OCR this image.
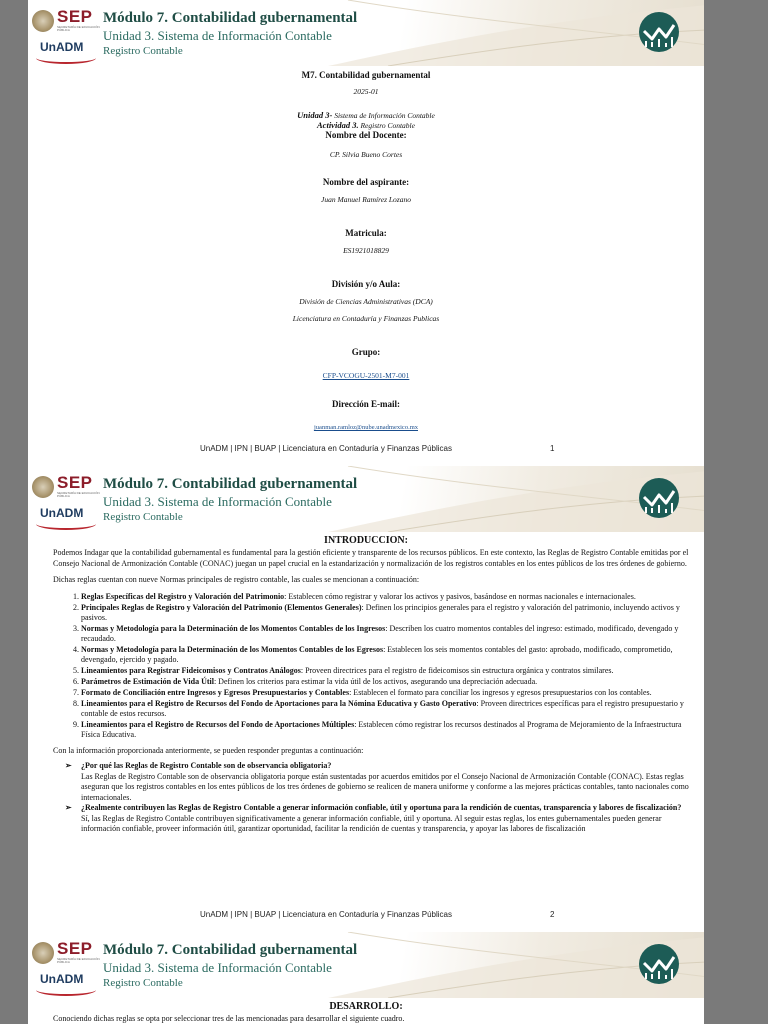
SEP
SECRETARÍA DE EDUCACIÓN PÚBLICA
UnADM
Módulo 7. Contabilidad gubernamental
Unidad 3. Sistema de Información Contable
Registro Contable
M7. Contabilidad gubernamental
2025-01
Unidad 3- Sistema de Información Contable
Actividad 3. Registro Contable
Nombre del Docente:
CP. Silvia Bueno Cortes
Nombre del aspirante:
Juan Manuel Ramírez Lozano
Matricula:
ES1921018829
División y/o Aula:
División de Ciencias Administrativas (DCA)
Licenciatura en Contaduría y Finanzas Publicas
Grupo:
CFP-VCOGU-2501-M7-001
Dirección E-mail:
juanman.ramloz@nube.unadmexico.mx
UnADM | IPN | BUAP | Licenciatura en Contaduría y Finanzas Públicas	1
SEP
SECRETARÍA DE EDUCACIÓN PÚBLICA
UnADM
Módulo 7. Contabilidad gubernamental
Unidad 3. Sistema de Información Contable
Registro Contable
INTRODUCCION:

Podemos Indagar que la contabilidad gubernamental es fundamental para la gestión eficiente y transparente de los recursos públicos. En este contexto, las Reglas de Registro Contable emitidas por el Consejo Nacional de Armonización Contable (CONAC) juegan un papel crucial en la estandarización y normalización de los registros contables en los entes públicos de los tres órdenes de gobierno.

Dichas reglas cuentan con nueve Normas principales de registro contable, las cuales se mencionan a continuación:

1. Reglas Específicas del Registro y Valoración del Patrimonio: Establecen cómo registrar y valorar los activos y pasivos, basándose en normas nacionales e internacionales.
2. Principales Reglas de Registro y Valoración del Patrimonio (Elementos Generales): Definen los principios generales para el registro y valoración del patrimonio, incluyendo activos y pasivos.
3. Normas y Metodología para la Determinación de los Momentos Contables de los Ingresos: Describen los cuatro momentos contables del ingreso: estimado, modificado, devengado y recaudado.
4. Normas y Metodología para la Determinación de los Momentos Contables de los Egresos: Establecen los seis momentos contables del gasto: aprobado, modificado, comprometido, devengado, ejercido y pagado.
5. Lineamientos para Registrar Fideicomisos y Contratos Análogos: Proveen directrices para el registro de fideicomisos sin estructura orgánica y contratos similares.
6. Parámetros de Estimación de Vida Útil: Definen los criterios para estimar la vida útil de los activos, asegurando una depreciación adecuada.
7. Formato de Conciliación entre Ingresos y Egresos Presupuestarios y Contables: Establecen el formato para conciliar los ingresos y egresos presupuestarios con los contables.
8. Lineamientos para el Registro de Recursos del Fondo de Aportaciones para la Nómina Educativa y Gasto Operativo: Proveen directrices específicas para el registro presupuestario y contable de estos recursos.
9. Lineamientos para el Registro de Recursos del Fondo de Aportaciones Múltiples: Establecen cómo registrar los recursos destinados al Programa de Mejoramiento de la Infraestructura Física Educativa.

Con la información proporcionada anteriormente, se pueden responder preguntas a continuación:

➢ ¿Por qué las Reglas de Registro Contable son de observancia obligatoria?

Las Reglas de Registro Contable son de observancia obligatoria porque están sustentadas por acuerdos emitidos por el Consejo Nacional de Armonización Contable (CONAC). Estas reglas aseguran que los registros contables en los entes públicos de los tres órdenes de gobierno se realicen de manera uniforme y conforme a las mejores prácticas contables, tanto nacionales como internacionales.

➢ ¿Realmente contribuyen las Reglas de Registro Contable a generar información confiable, útil y oportuna para la rendición de cuentas, transparencia y labores de fiscalización?

Sí, las Reglas de Registro Contable contribuyen significativamente a generar información confiable, útil y oportuna. Al seguir estas reglas, los entes gubernamentales pueden generar información confiable, proveer información útil, garantizar oportunidad, facilitar la rendición de cuentas y transparencia, y apoyar las labores de fiscalización

UnADM | IPN | BUAP | Licenciatura en Contaduría y Finanzas Públicas	2
SEP
SECRETARÍA DE EDUCACIÓN PÚBLICA
UnADM
Módulo 7. Contabilidad gubernamental
Unidad 3. Sistema de Información Contable
Registro Contable
DESARROLLO:
Conociendo dichas reglas se opta por seleccionar tres de las mencionadas para desarrollar el siguiente cuadro.
